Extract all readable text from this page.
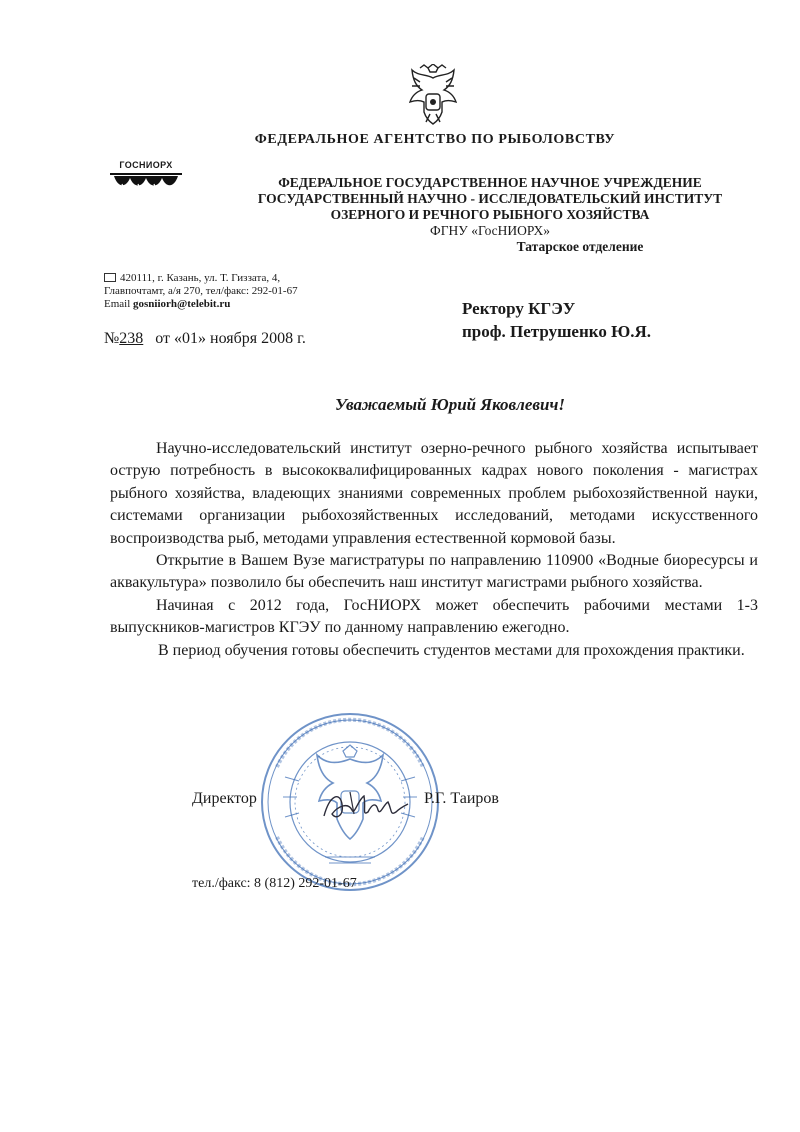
ФЕДЕРАЛЬНОЕ АГЕНТСТВО ПО РЫБОЛОВСТВУ
ГОСНИОРХ
ФЕДЕРАЛЬНОЕ ГОСУДАРСТВЕННОЕ НАУЧНОЕ УЧРЕЖДЕНИЕ
ГОСУДАРСТВЕННЫЙ НАУЧНО - ИССЛЕДОВАТЕЛЬСКИЙ ИНСТИТУТ
ОЗЕРНОГО И РЕЧНОГО РЫБНОГО ХОЗЯЙСТВА
ФГНУ «ГосНИОРХ»
Татарское отделение
420111, г. Казань, ул. Т. Гиззата, 4,
Главпочтамт, а/я 270, тел/факс: 292-01-67
Email gosniiorh@telebit.ru
№238   от «01» ноября 2008 г.
Ректору КГЭУ
проф. Петрушенко Ю.Я.
Уважаемый Юрий Яковлевич!

Научно-исследовательский институт озерно-речного рыбного хозяйства испытывает острую потребность в высококвалифицированных кадрах нового поколения - магистрах рыбного хозяйства, владеющих знаниями современных проблем рыбохозяйственной науки, системами организации рыбохозяйственных исследований, методами искусственного воспроизводства рыб, методами управления естественной кормовой базы.

Открытие в Вашем Вузе магистратуры по направлению 110900 «Водные биоресурсы и аквакультура» позволило бы обеспечить наш институт магистрами рыбного хозяйства.

Начиная с 2012 года, ГосНИОРХ может обеспечить рабочими местами 1-3 выпускников-магистров КГЭУ по данному направлению ежегодно.

В период обучения готовы обеспечить студентов местами для прохождения практики.

Директор	Р.Г. Таиров
тел./факс: 8 (812) 292-01-67
